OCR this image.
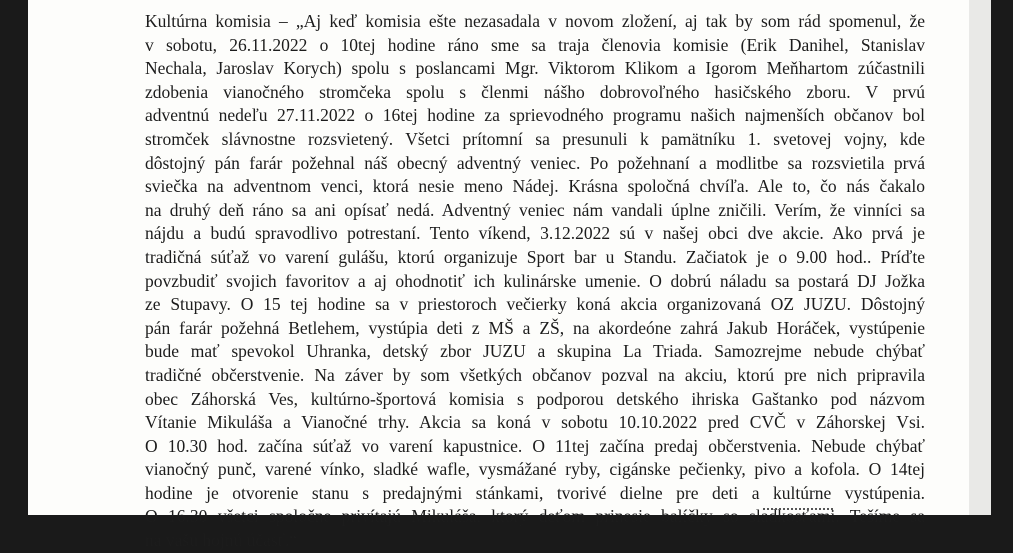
Kultúrna komisia – „Aj keď komisia ešte nezasadala v novom zložení, aj tak by som rád spomenul, že
v sobotu, 26.11.2022 o 10tej hodine ráno sme sa traja členovia komisie (Erik Danihel, Stanislav
Nechala, Jaroslav Korych) spolu s poslancami Mgr. Viktorom Klikom a Igorom Meňhartom zúčastnili
zdobenia vianočného stromčeka spolu s členmi nášho dobrovoľného hasičského zboru. V prvú
adventnú nedeľu 27.11.2022 o 16tej hodine za sprievodného programu našich najmenších občanov bol
stromček slávnostne rozsvietený. Všetci prítomní sa presunuli k pamätníku 1. svetovej vojny, kde
dôstojný pán farár požehnal náš obecný adventný veniec. Po požehnaní a modlitbe sa rozsvietila prvá
sviečka na adventnom venci, ktorá nesie meno Nádej. Krásna spoločná chvíľa. Ale to, čo nás čakalo
na druhý deň ráno sa ani opísať nedá. Adventný veniec nám vandali úplne zničili. Verím, že vinníci sa
nájdu a budú spravodlivo potrestaní. Tento víkend, 3.12.2022 sú v našej obci dve akcie. Ako prvá je
tradičná súťaž vo varení gulášu, ktorú organizuje Sport bar u Standu. Začiatok je o 9.00 hod.. Príďte
povzbudiť svojich favoritov a aj ohodnotiť ich kulinárske umenie. O dobrú náladu sa postará DJ Jožka
ze Stupavy. O 15 tej hodine sa v priestoroch večierky koná akcia organizovaná OZ JUZU. Dôstojný
pán farár požehná Betlehem, vystúpia deti z MŠ a ZŠ, na akordeóne zahrá Jakub Horáček, vystúpenie
bude mať spevokol Uhranka, detský zbor JUZU a skupina La Triada. Samozrejme nebude chýbať
tradičné občerstvenie. Na záver by som všetkých občanov pozval na akciu, ktorú pre nich pripravila
obec Záhorská Ves, kultúrno-športová komisia s podporou detského ihriska Gaštanko pod názvom
Vítanie Mikuláša a Vianočné trhy. Akcia sa koná v sobotu 10.10.2022 pred CVČ v Záhorskej Vsi.
O 10.30 hod. začína súťaž vo varení kapustnice. O 11tej začína predaj občerstvenia. Nebude chýbať
vianočný punč, varené vínko, sladké wafle, vysmážané ryby, cigánske pečienky, pivo a kofola. O 14tej
hodine je otvorenie stanu s predajnými stánkami, tvorivé dielne pre deti a kultúrne vystúpenia.
O 16.30 všetci spoločne privítajú Mikuláša, ktorý deťom prinesie balíčky so sladkosťami. Tešíme sa
na vašu hojnú účasť.“
